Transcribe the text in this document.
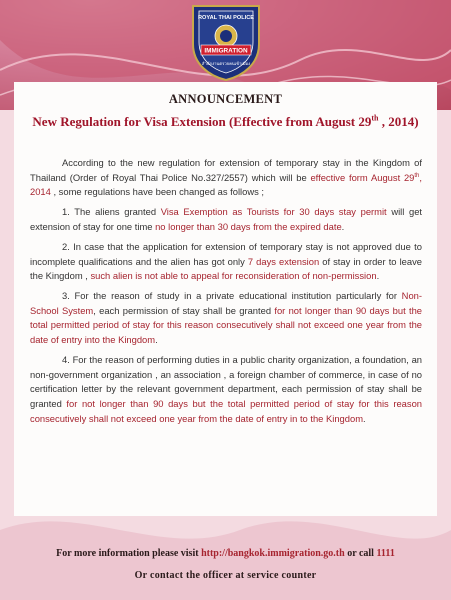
ROYAL THAI POLICE
IMMIGRATION
สำนักงานตรวจคนเข้าเมือง
ANNOUNCEMENT
New Regulation for Visa Extension (Effective from August 29th , 2014)

According to the new regulation for extension of temporary stay in the Kingdom of Thailand (Order of Royal Thai Police No.327/2557) which will be effective form August 29th, 2014 , some regulations have been changed as follows ;

1. The aliens granted Visa Exemption as Tourists for 30 days stay permit will get extension of stay for one time no longer than 30 days from the expired date.

2. In case that the application for extension of temporary stay is not approved due to incomplete qualifications and the alien has got only 7 days extension of stay in order to leave the Kingdom , such alien is not able to appeal for reconsideration of non-permission.

3. For the reason of study in a private educational institution particularly for Non-School System, each permission of stay shall be granted for not longer than 90 days but the total permitted period of stay for this reason consecutively shall not exceed one year from the date of entry into the Kingdom.

4. For the reason of performing duties in a public charity organization, a foundation, an non-government organization , an association , a foreign chamber of commerce, in case of no certification letter by the relevant government department, each permission of stay shall be granted for not longer than 90 days but the total permitted period of stay for this reason consecutively shall not exceed one year from the date of entry in to the Kingdom.

For more information please visit http://bangkok.immigration.go.th or call 1111
Or contact the officer at service counter
